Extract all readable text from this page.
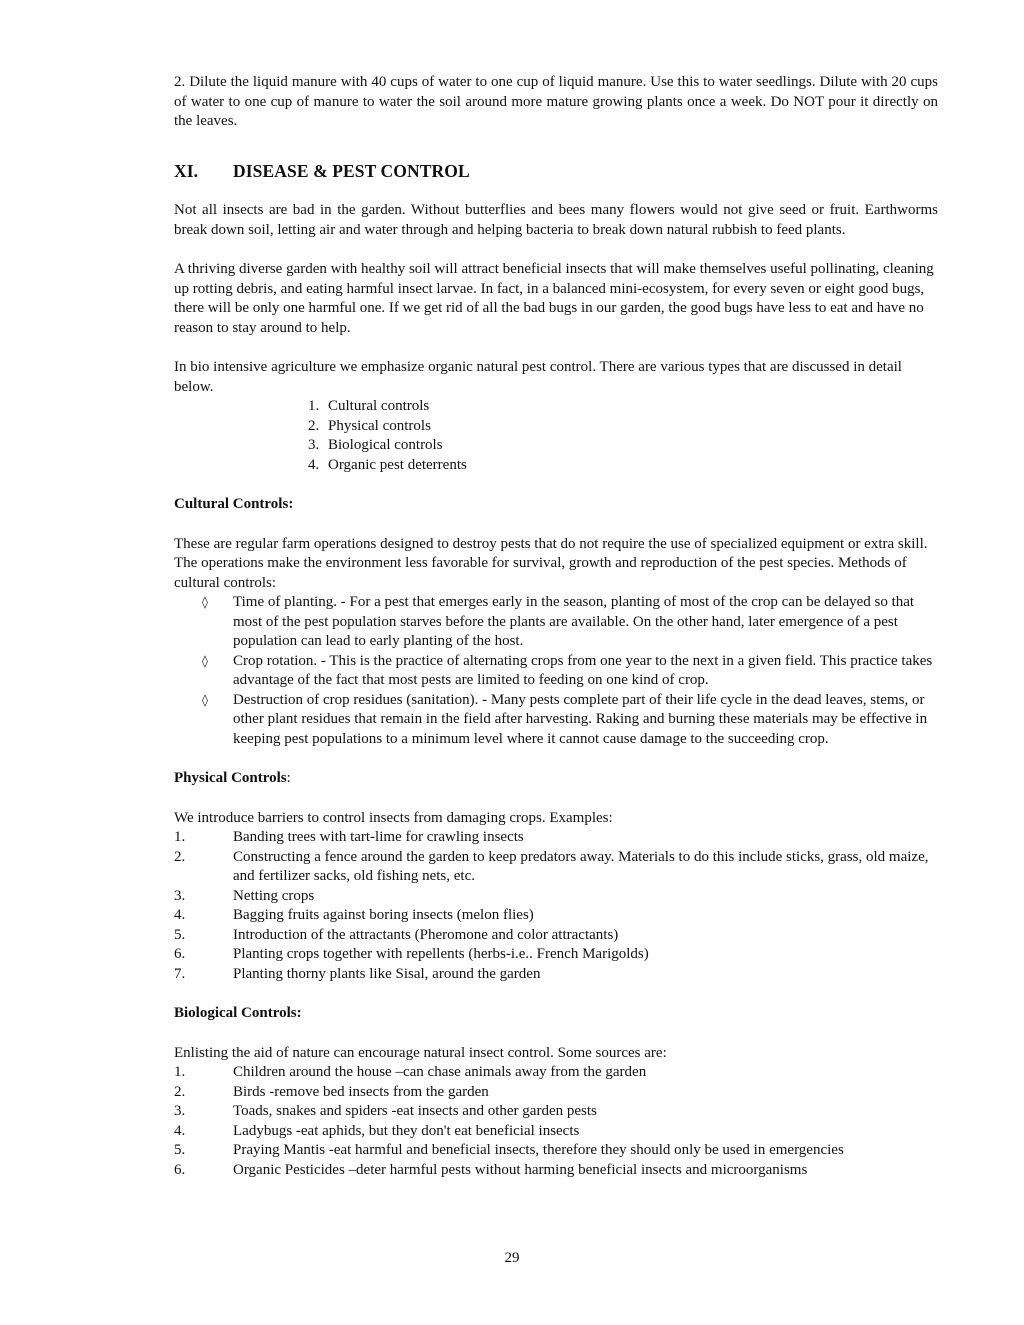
2. Dilute the liquid manure with 40 cups of water to one cup of liquid manure. Use this to water seedlings. Dilute with 20 cups of water to one cup of manure to water the soil around more mature growing plants once a week. Do NOT pour it directly on the leaves.

XI.	DISEASE & PEST CONTROL

Not all insects are bad in the garden. Without butterflies and bees many flowers would not give seed or fruit. Earthworms break down soil, letting air and water through and helping bacteria to break down natural rubbish to feed plants.

A thriving diverse garden with healthy soil will attract beneficial insects that will make themselves useful pollinating, cleaning up rotting debris, and eating harmful insect larvae. In fact, in a balanced mini-ecosystem, for every seven or eight good bugs, there will be only one harmful one. If we get rid of all the bad bugs in our garden, the good bugs have less to eat and have no reason to stay around to help.

In bio intensive agriculture we emphasize organic natural pest control. There are various types that are discussed in detail below.

1. Cultural controls
2. Physical controls
3. Biological controls
4. Organic pest deterrents

Cultural Controls:

These are regular farm operations designed to destroy pests that do not require the use of specialized equipment or extra skill. The operations make the environment less favorable for survival, growth and reproduction of the pest species. Methods of cultural controls:

◊	Time of planting. - For a pest that emerges early in the season, planting of most of the crop can be delayed so that most of the pest population starves before the plants are available. On the other hand, later emergence of a pest population can lead to early planting of the host.
◊	Crop rotation. - This is the practice of alternating crops from one year to the next in a given field. This practice takes advantage of the fact that most pests are limited to feeding on one kind of crop.
◊	Destruction of crop residues (sanitation). - Many pests complete part of their life cycle in the dead leaves, stems, or other plant residues that remain in the field after harvesting. Raking and burning these materials may be effective in keeping pest populations to a minimum level where it cannot cause damage to the succeeding crop.

Physical Controls:

We introduce barriers to control insects from damaging crops. Examples:

1.	Banding trees with tart-lime for crawling insects
2.	Constructing a fence around the garden to keep predators away. Materials to do this include sticks, grass, old maize, and fertilizer sacks, old fishing nets, etc.
3.	Netting crops
4.	Bagging fruits against boring insects (melon flies)
5.	Introduction of the attractants (Pheromone and color attractants)
6.	Planting crops together with repellents (herbs-i.e.. French Marigolds)
7.	Planting thorny plants like Sisal, around the garden

Biological Controls:

Enlisting the aid of nature can encourage natural insect control. Some sources are:

1.	Children around the house –can chase animals away from the garden
2.	Birds -remove bed insects from the garden
3.	Toads, snakes and spiders -eat insects and other garden pests
4.	Ladybugs -eat aphids, but they don't eat beneficial insects
5.	Praying Mantis -eat harmful and beneficial insects, therefore they should only be used in emergencies
6.	Organic Pesticides –deter harmful pests without harming beneficial insects and microorganisms
29
